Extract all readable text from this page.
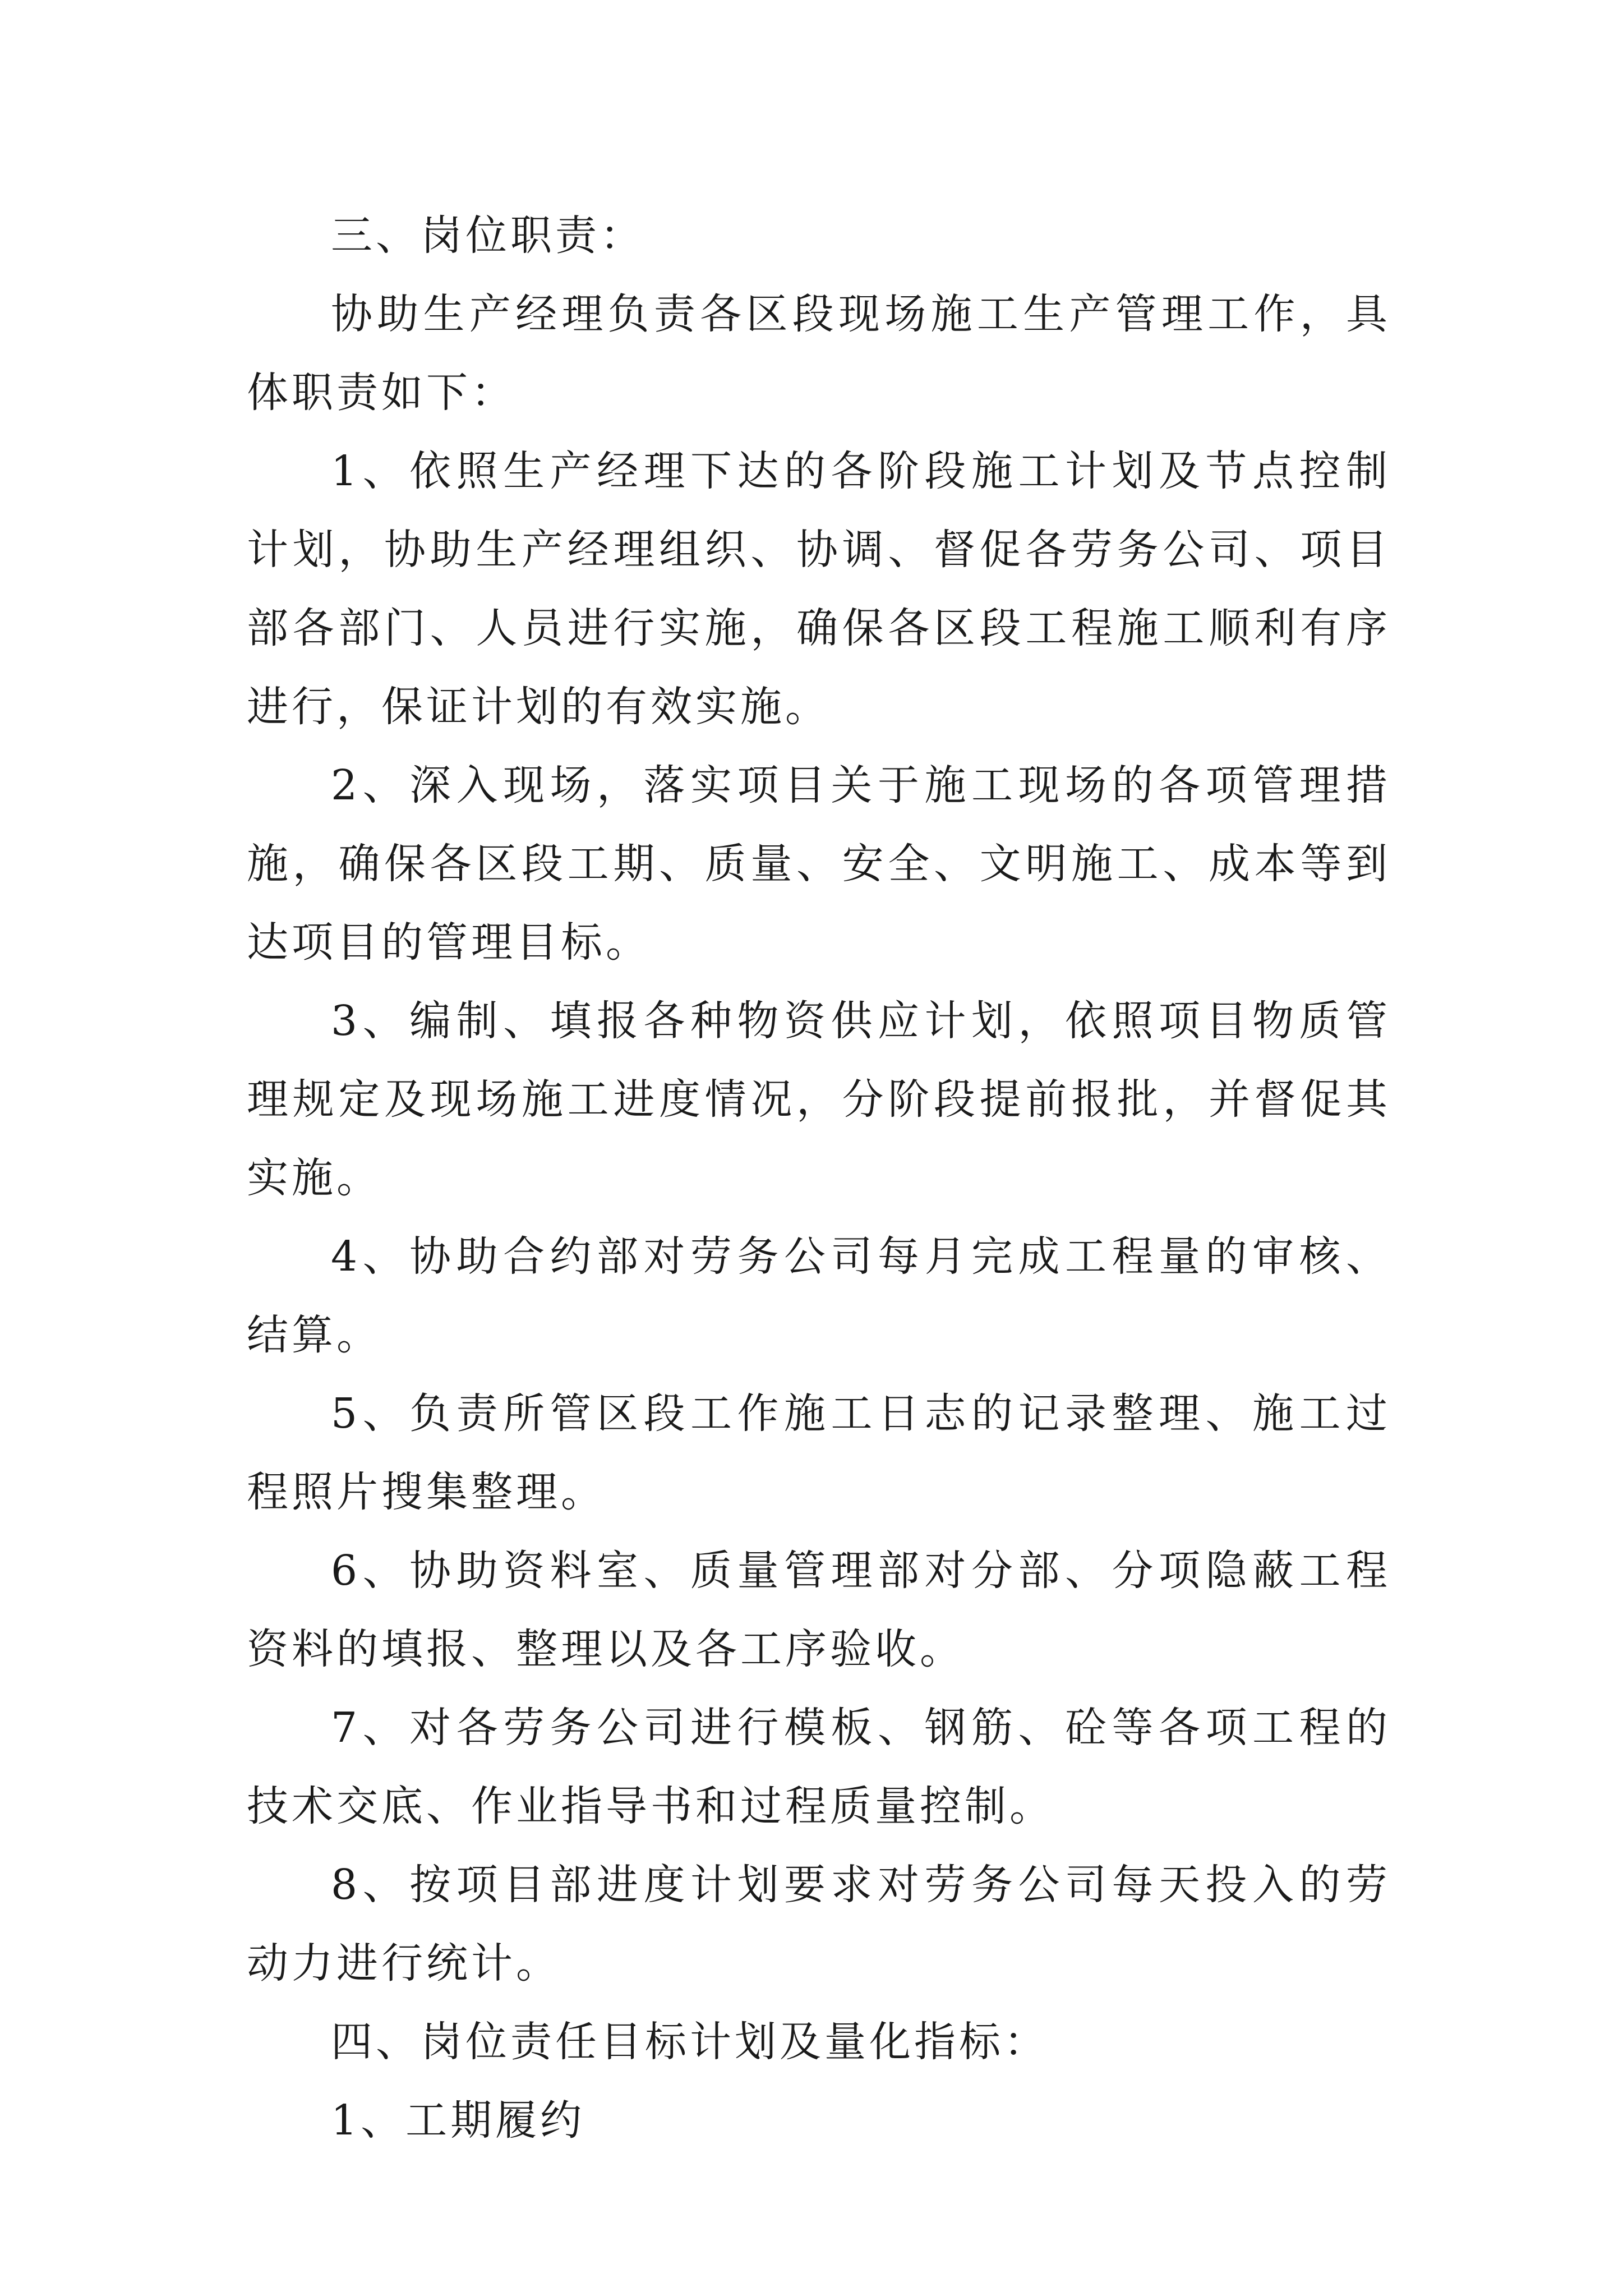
三、岗位职责：

协助生产经理负责各区段现场施工生产管理工作，具体职责如下：

1、依照生产经理下达的各阶段施工计划及节点控制计划，协助生产经理组织、协调、督促各劳务公司、项目部各部门、人员进行实施，确保各区段工程施工顺利有序进行，保证计划的有效实施。

2、深入现场，落实项目关于施工现场的各项管理措施，确保各区段工期、质量、安全、文明施工、成本等到达项目的管理目标。

3、编制、填报各种物资供应计划，依照项目物质管理规定及现场施工进度情况，分阶段提前报批，并督促其实施。

4、协助合约部对劳务公司每月完成工程量的审核、结算。

5、负责所管区段工作施工日志的记录整理、施工过程照片搜集整理。

6、协助资料室、质量管理部对分部、分项隐蔽工程资料的填报、整理以及各工序验收。

7、对各劳务公司进行模板、钢筋、砼等各项工程的技术交底、作业指导书和过程质量控制。

8、按项目部进度计划要求对劳务公司每天投入的劳动力进行统计。

四、岗位责任目标计划及量化指标：

1、工期履约
